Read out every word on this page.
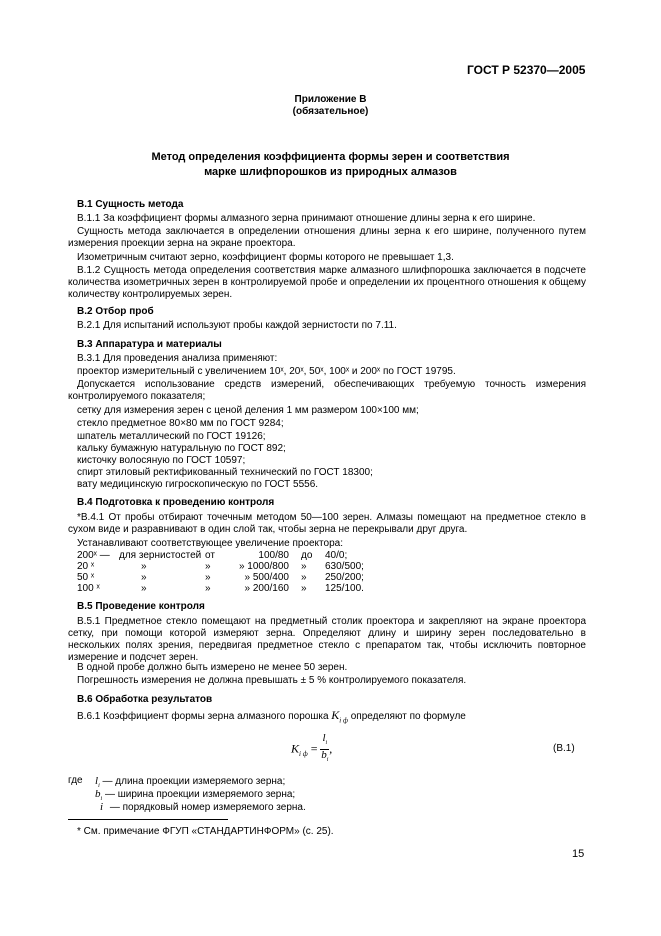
ГОСТ Р 52370—2005
Приложение В
(обязательное)
Метод определения коэффициента формы зерен и соответствия
марке шлифпорошков из природных алмазов
В.1 Сущность метода
В.1.1 За коэффициент формы алмазного зерна принимают отношение длины зерна к его ширине.
Сущность метода заключается в определении отношения длины зерна к его ширине, полученного путем измерения проекции зерна на экране проектора.
Изометричным считают зерно, коэффициент формы которого не превышает 1,3.
В.1.2 Сущность метода определения соответствия марке алмазного шлифпорошка заключается в подсчете количества изометричных зерен в контролируемой пробе и определении их процентного отношения к общему количеству контролируемых зерен.
В.2 Отбор проб
В.2.1 Для испытаний используют пробы каждой зернистости по 7.11.
В.3 Аппаратура и материалы
В.3.1 Для проведения анализа применяют:
проектор измерительный с увеличением 10ˣ, 20ˣ, 50ˣ, 100ˣ и 200ˣ по ГОСТ 19795.
Допускается использование средств измерений, обеспечивающих требуемую точность измерения контролируемого показателя;
сетку для измерения зерен с ценой деления 1 мм размером 100×100 мм;
стекло предметное 80×80 мм по ГОСТ 9284;
шпатель металлический по ГОСТ 19126;
кальку бумажную натуральную по ГОСТ 892;
кисточку волосяную по ГОСТ 10597;
спирт этиловый ректификованный технический по ГОСТ 18300;
вату медицинскую гигроскопическую по ГОСТ 5556.
В.4 Подготовка к проведению контроля
*В.4.1 От пробы отбирают точечным методом 50—100 зерен. Алмазы помещают на предметное стекло в сухом виде и разравнивают в один слой так, чтобы зерна не перекрывали друг друга.
Устанавливают соответствующее увеличение проектора:
200ˣ —	для зернистостей	от	100/80	до	40/0;
20 ˣ	»	»	» 1000/800	»	630/500;
50 ˣ	»	»	» 500/400	»	250/200;
100 ˣ	»	»	» 200/160	»	125/100.
В.5 Проведение контроля
В.5.1 Предметное стекло помещают на предметный столик проектора и закрепляют на экране проектора сетку, при помощи которой измеряют зерна. Определяют длину и ширину зерен последовательно в нескольких полях зрения, передвигая предметное стекло с препаратом так, чтобы исключить повторное измерение и подсчет зерен.
В одной пробе должно быть измерено не менее 50 зерен.
Погрешность измерения не должна превышать ± 5 % контролируемого показателя.
В.6 Обработка результатов
В.6.1 Коэффициент формы зерна алмазного порошка $K_{i ф}$ определяют по формуле
$K_{i ф} = \frac{l_i}{b_i}$ ,	(В.1)
где $l_i$ — длина проекции измеряемого зерна;
$b_i$ — ширина проекции измеряемого зерна;
i — порядковый номер измеряемого зерна.
* См. примечание ФГУП «СТАНДАРТИНФОРМ» (с. 25).
15
